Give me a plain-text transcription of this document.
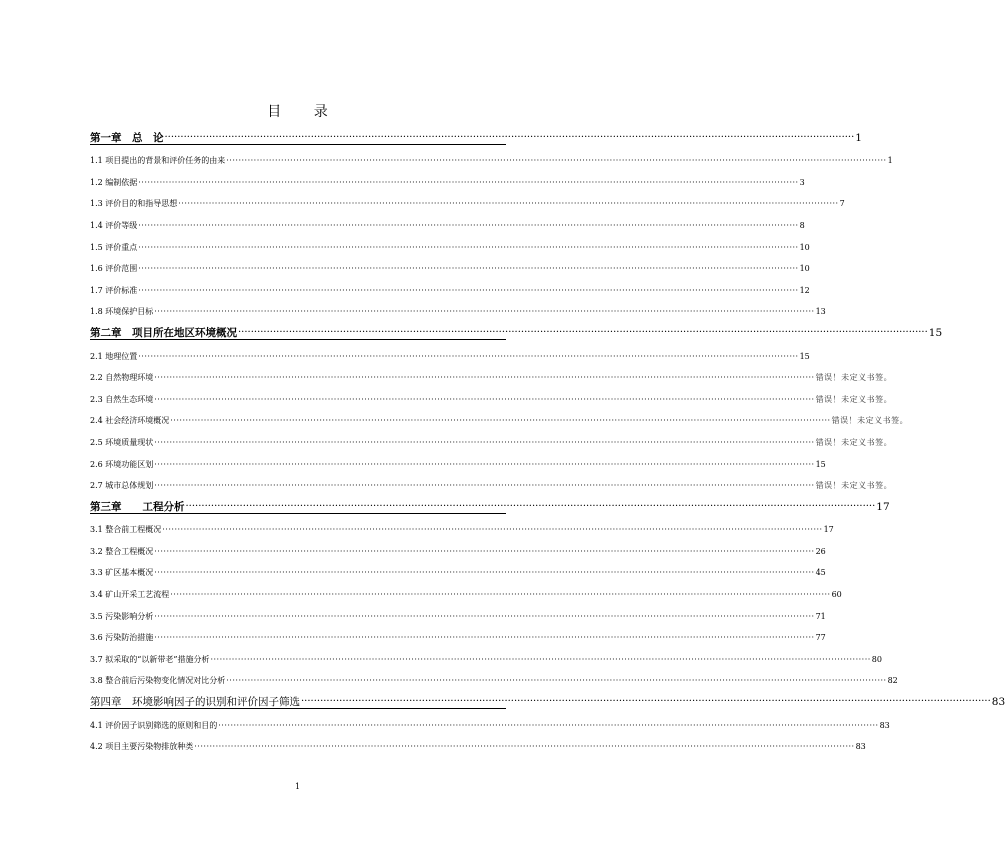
目 录
第一章　总　论 ························································································································································································································· 1
1.1 项目提出的背景和评价任务的由来 ························································································································································································································· 1
1.2 编制依据 ························································································································································································································· 3
1.3 评价目的和指导思想 ························································································································································································································· 7
1.4 评价等级 ························································································································································································································· 8
1.5 评价重点 ························································································································································································································· 10
1.6 评价范围 ························································································································································································································· 10
1.7 评价标准 ························································································································································································································· 12
1.8 环境保护目标 ························································································································································································································· 13
第二章　项目所在地区环境概况 ························································································································································································································· 15
2.1 地理位置 ························································································································································································································· 15
2.2 自然物理环境 ························································································································································································································· 错误！未定义书签。
2.3 自然生态环境 ························································································································································································································· 错误！未定义书签。
2.4 社会经济环境概况 ························································································································································································································· 错误！未定义书签。
2.5 环境质量现状 ························································································································································································································· 错误！未定义书签。
2.6 环境功能区划 ························································································································································································································· 15
2.7 城市总体规划 ························································································································································································································· 错误！未定义书签。
第三章　　工程分析 ························································································································································································································· 17
3.1 整合前工程概况 ························································································································································································································· 17
3.2 整合工程概况 ························································································································································································································· 26
3.3 矿区基本概况 ························································································································································································································· 45
3.4 矿山开采工艺流程 ························································································································································································································· 60
3.5 污染影响分析 ························································································································································································································· 71
3.6 污染防治措施 ························································································································································································································· 77
3.7 拟采取的“以新带老”措施分析 ························································································································································································································· 80
3.8 整合前后污染物变化情况对比分析 ························································································································································································································· 82
第四章　环境影响因子的识别和评价因子筛选 ························································································································································································································· 83
4.1 评价因子识别筛选的原则和目的 ························································································································································································································· 83
4.2 项目主要污染物排放种类 ························································································································································································································· 83
1
